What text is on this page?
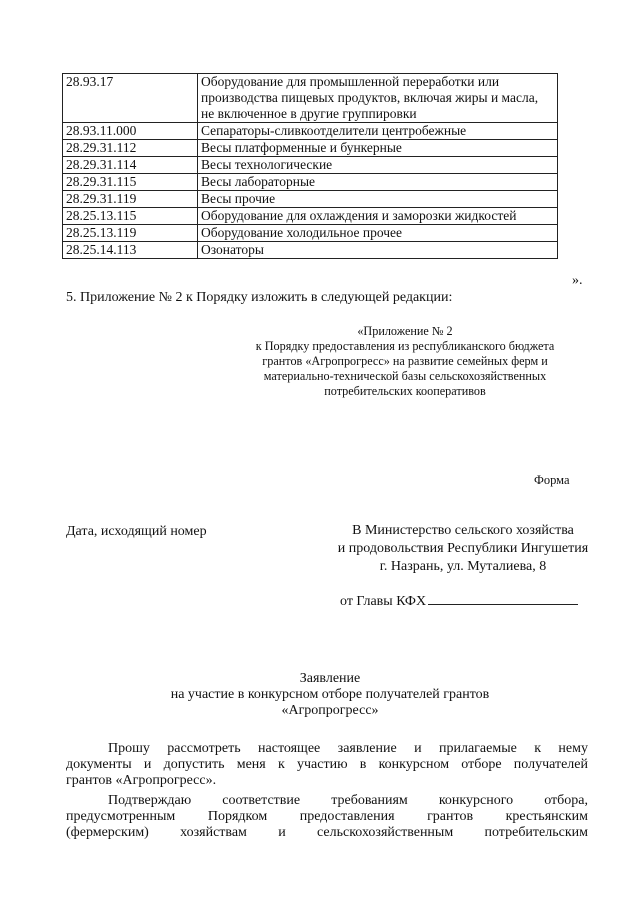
28.93.17	Оборудование для промышленной переработки или производства пищевых продуктов, включая жиры и масла, не включенное в другие группировки
28.93.11.000	Сепараторы-сливкоотделители центробежные
28.29.31.112	Весы платформенные и бункерные
28.29.31.114	Весы технологические
28.29.31.115	Весы лабораторные
28.29.31.119	Весы прочие
28.25.13.115	Оборудование для охлаждения и заморозки жидкостей
28.25.13.119	Оборудование холодильное прочее
28.25.14.113	Озонаторы
».
5. Приложение № 2 к Порядку изложить в следующей редакции:
«Приложение № 2
к Порядку предоставления из республиканского бюджета
грантов «Агропрогресс» на развитие семейных ферм и
материально-технической базы сельскохозяйственных
потребительских кооперативов
Форма
Дата, исходящий номер	В Министерство сельского хозяйства
и продовольствия Республики Ингушетия
г. Назрань, ул. Муталиева, 8
от Главы КФХ
Заявление
на участие в конкурсном отборе получателей грантов
«Агропрогресс»
Прошу рассмотреть настоящее заявление и прилагаемые к нему
документы и допустить меня к участию в конкурсном отборе получателей
грантов «Агропрогресс».
Подтверждаю соответствие требованиям конкурсного отбора,
предусмотренным Порядком предоставления грантов крестьянским
(фермерским) хозяйствам и сельскохозяйственным потребительским
